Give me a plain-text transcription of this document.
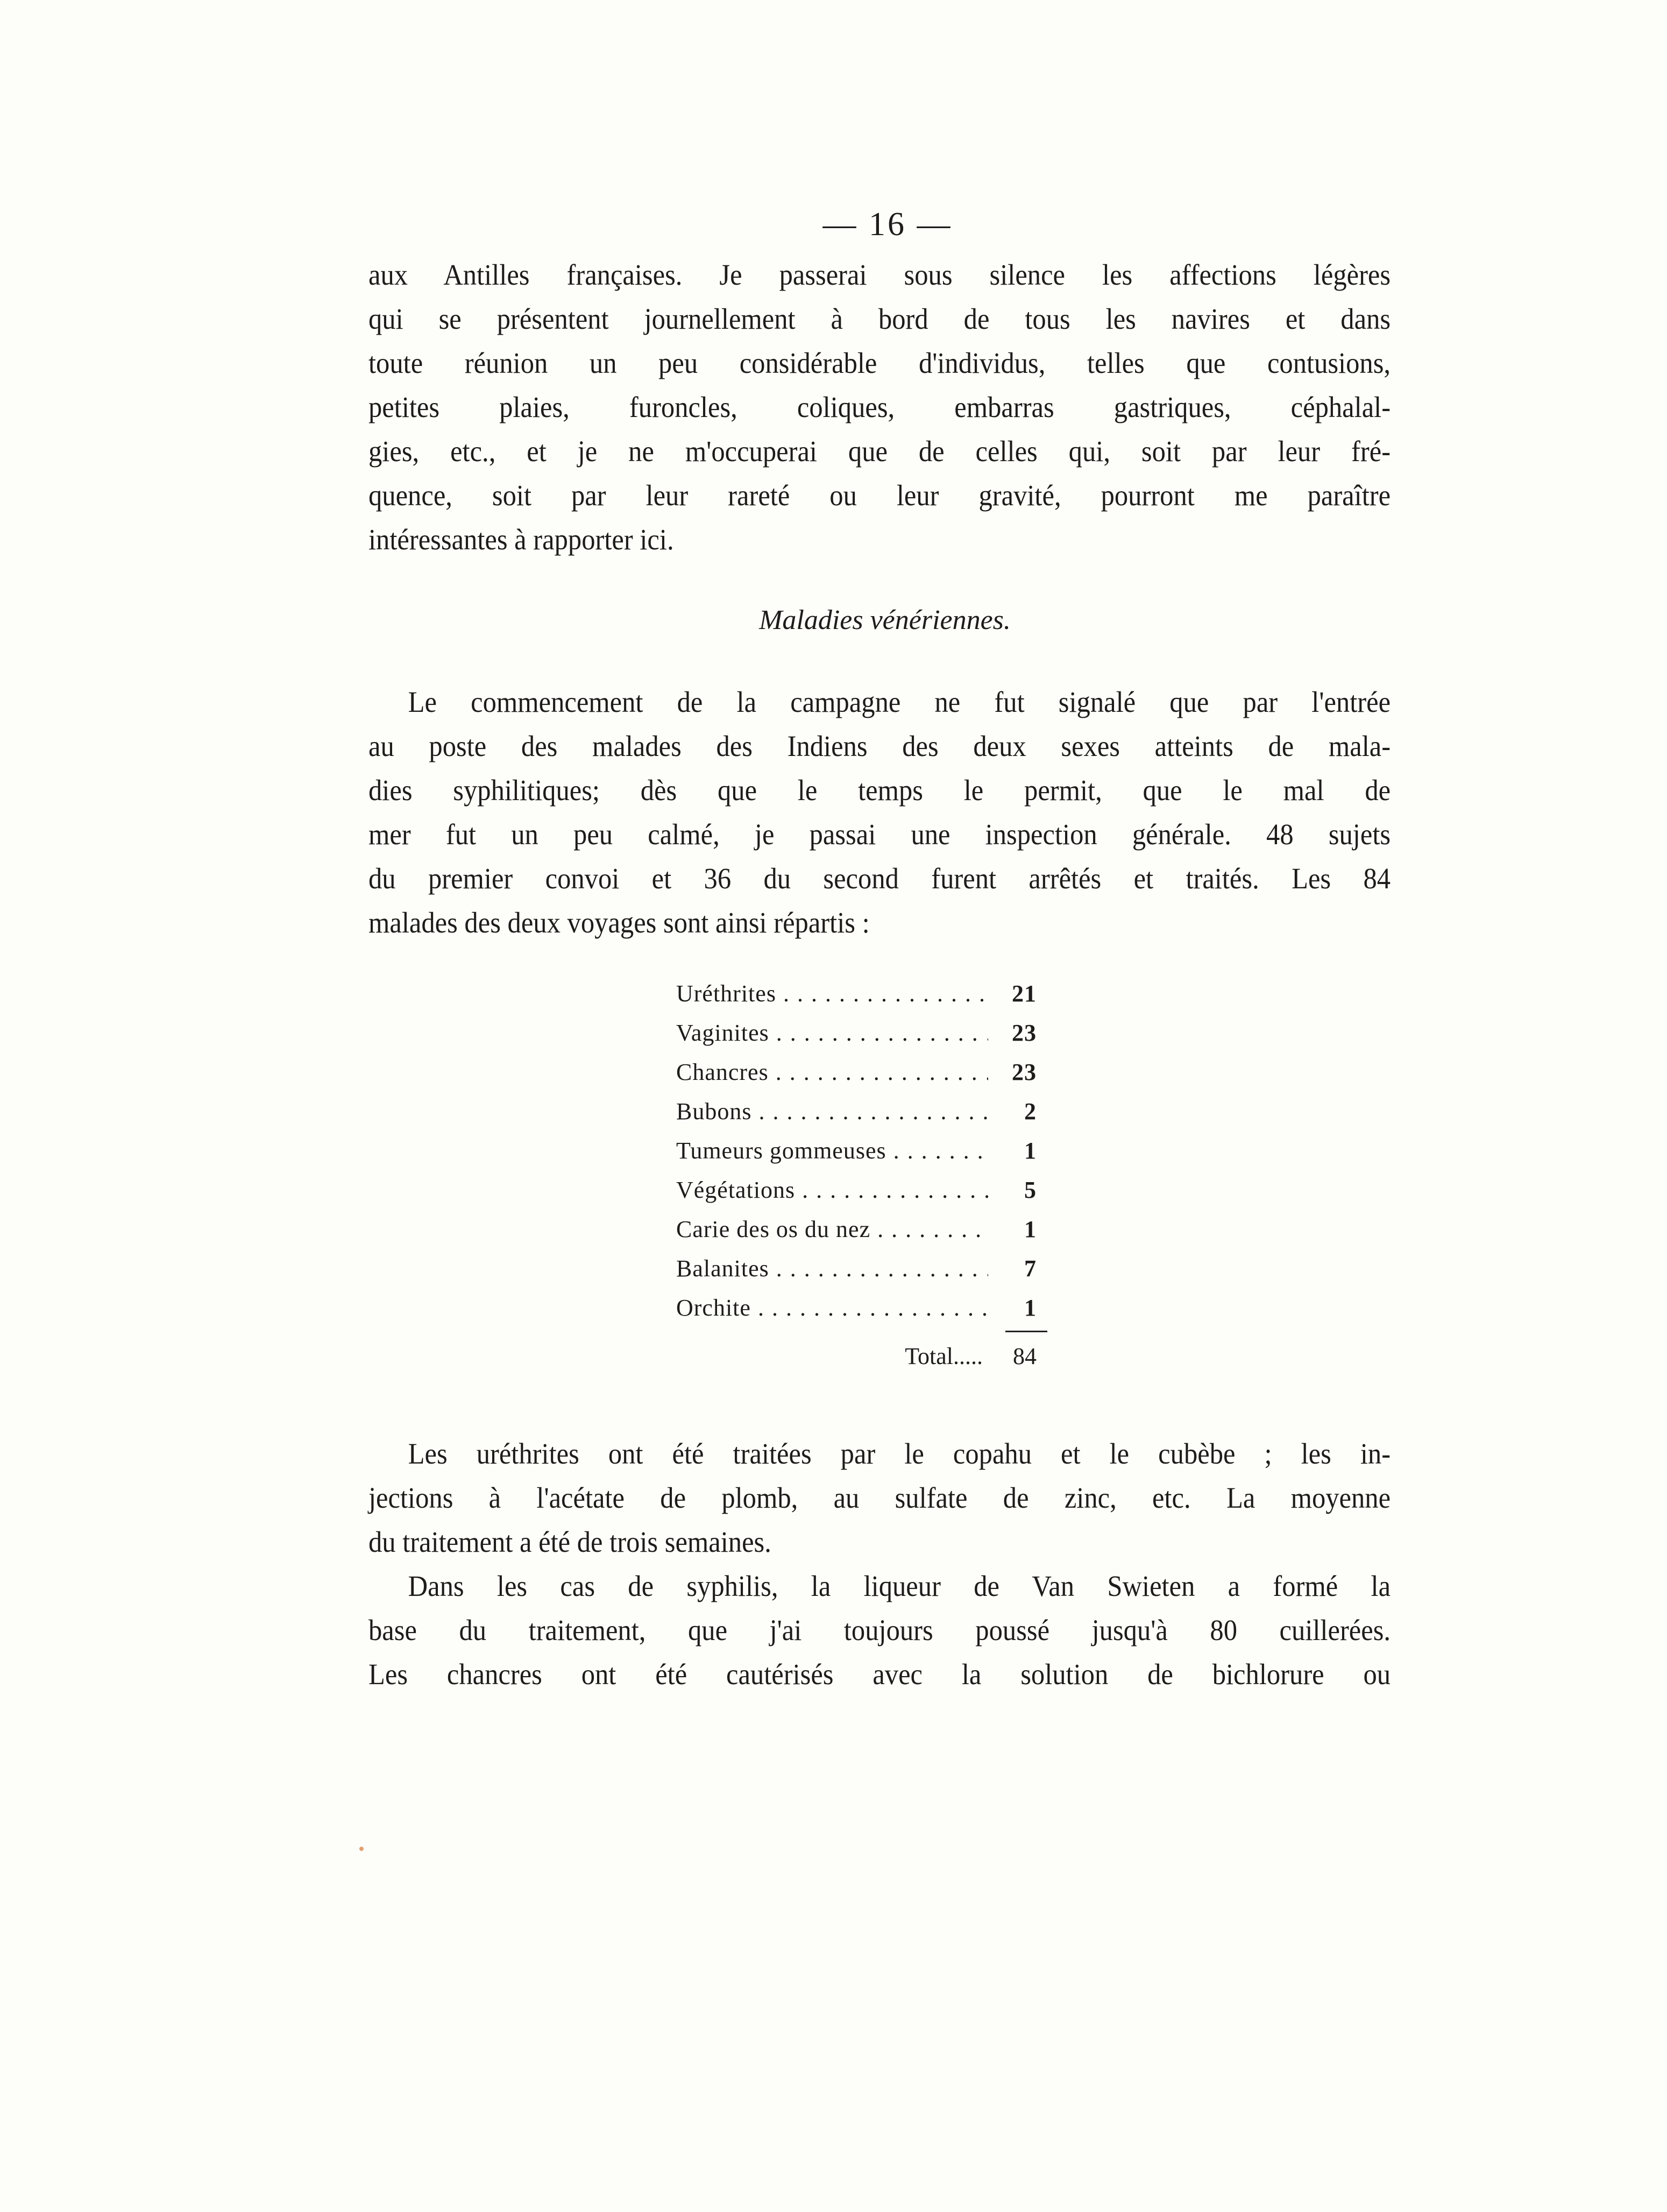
— 16 —
aux Antilles françaises. Je passerai sous silence les affections légères
qui se présentent journellement à bord de tous les navires et dans
toute réunion un peu considérable d'individus, telles que contusions,
petites plaies, furoncles, coliques, embarras gastriques, céphalal-
gies, etc., et je ne m'occuperai que de celles qui, soit par leur fré-
quence, soit par leur rareté ou leur gravité, pourront me paraître
intéressantes à rapporter ici.
Maladies vénériennes.
Le commencement de la campagne ne fut signalé que par l'entrée
au poste des malades des Indiens des deux sexes atteints de mala-
dies syphilitiques; dès que le temps le permit, que le mal de
mer fut un peu calmé, je passai une inspection générale. 48 sujets
du premier convoi et 36 du second furent arrêtés et traités. Les 84
malades des deux voyages sont ainsi répartis :
Uréthrites . . .	21
Vaginites . . .	23
Chancres . . .	23
Bubons . . .	2
Tumeurs gommeuses . . .	1
Végétations . . .	5
Carie des os du nez . . .	1
Balanites . . .	7
Orchite . . .	1
Total.....	84
Les uréthrites ont été traitées par le copahu et le cubèbe ; les in-
jections à l'acétate de plomb, au sulfate de zinc, etc. La moyenne
du traitement a été de trois semaines.
Dans les cas de syphilis, la liqueur de Van Swieten a formé la
base du traitement, que j'ai toujours poussé jusqu'à 80 cuillerées.
Les chancres ont été cautérisés avec la solution de bichlorure ou
